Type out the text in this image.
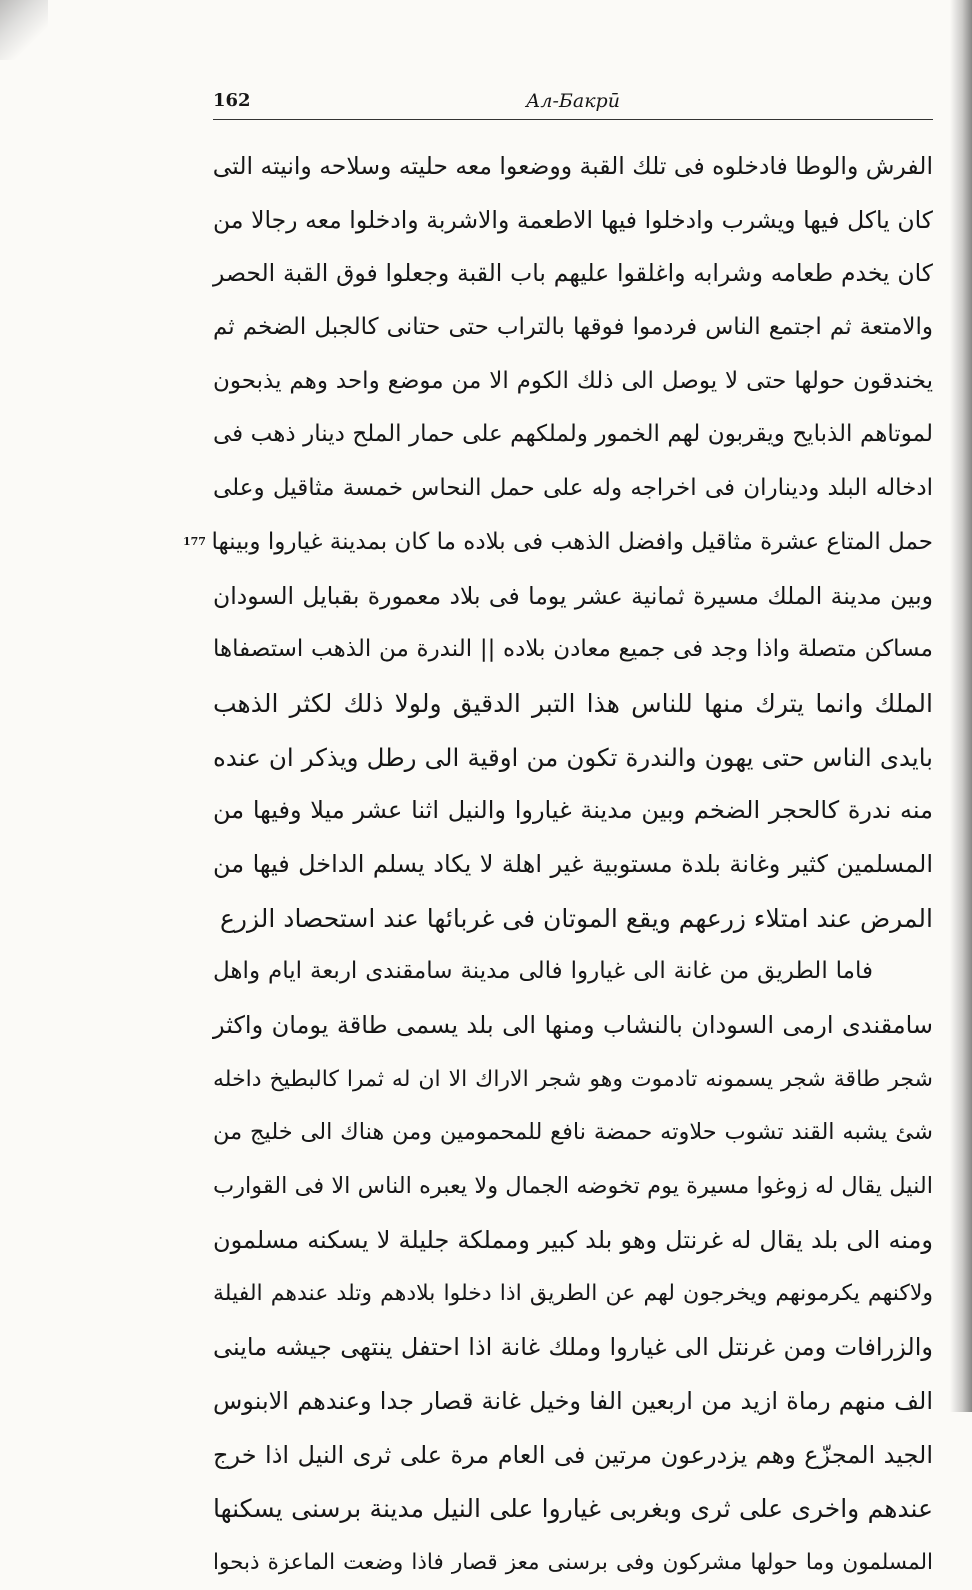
162	Ал-Бакрӣ
177
الفرش والوطا فادخلوه فى تلك القبة ووضعوا معه حليته وسلاحه وانيته التى
كان ياكل فيها ويشرب وادخلوا فيها الاطعمة والاشربة وادخلوا معه رجالا من
كان يخدم طعامه وشرابه واغلقوا عليهم باب القبة وجعلوا فوق القبة الحصر
والامتعة ثم اجتمع الناس فردموا فوقها بالتراب حتى حتانى كالجبل الضخم ثم
يخندقون حولها حتى لا يوصل الى ذلك الكوم الا من موضع واحد وهم يذبحون
لموتاهم الذبايح ويقربون لهم الخمور ولملكهم على حمار الملح دينار ذهب فى
ادخاله البلد وديناران فى اخراجه وله على حمل النحاس خمسة مثاقيل وعلى
حمل المتاع عشرة مثاقيل وافضل الذهب فى بلاده ما كان بمدينة غياروا وبينها
وبين مدينة الملك مسيرة ثمانية عشر يوما فى بلاد معمورة بقبايل السودان
مساكن متصلة واذا وجد فى جميع معادن بلاده || الندرة من الذهب استصفاها
الملك وانما يترك منها للناس هذا التبر الدقيق ولولا ذلك لكثر الذهب
بايدى الناس حتى يهون والندرة تكون من اوقية الى رطل ويذكر ان عنده
منه ندرة كالحجر الضخم وبين مدينة غياروا والنيل اثنا عشر ميلا وفيها من
المسلمين كثير وغانة بلدة مستوبية غير اهلة لا يكاد يسلم الداخل فيها من
المرض عند امتلاء زرعهم ويقع الموتان فى غربائها عند استحصاد الزرع
فاما الطريق من غانة الى غياروا فالى مدينة سامقندى اربعة ايام واهل
سامقندى ارمى السودان بالنشاب ومنها الى بلد يسمى طاقة يومان واكثر
شجر طاقة شجر يسمونه تادموت وهو شجر الاراك الا ان له ثمرا كالبطيخ داخله
شئ يشبه القند تشوب حلاوته حمضة نافع للمحمومين ومن هناك الى خليج من
النيل يقال له زوغوا مسيرة يوم تخوضه الجمال ولا يعبره الناس الا فى القوارب
ومنه الى بلد يقال له غرنتل وهو بلد كبير ومملكة جليلة لا يسكنه مسلمون
ولاكنهم يكرمونهم ويخرجون لهم عن الطريق اذا دخلوا بلادهم وتلد عندهم الفيلة
والزرافات ومن غرنتل الى غياروا وملك غانة اذا احتفل ينتهى جيشه ماينى
الف منهم رماة ازيد من اربعين الفا وخيل غانة قصار جدا وعندهم الابنوس
الجيد المجزّع وهم يزدرعون مرتين فى العام مرة على ثرى النيل اذا خرج
عندهم واخرى على ثرى وبغربى غياروا على النيل مدينة برسنى يسكنها
المسلمون وما حولها مشركون وفى برسنى معز قصار فاذا وضعت الماعزة ذبحوا
